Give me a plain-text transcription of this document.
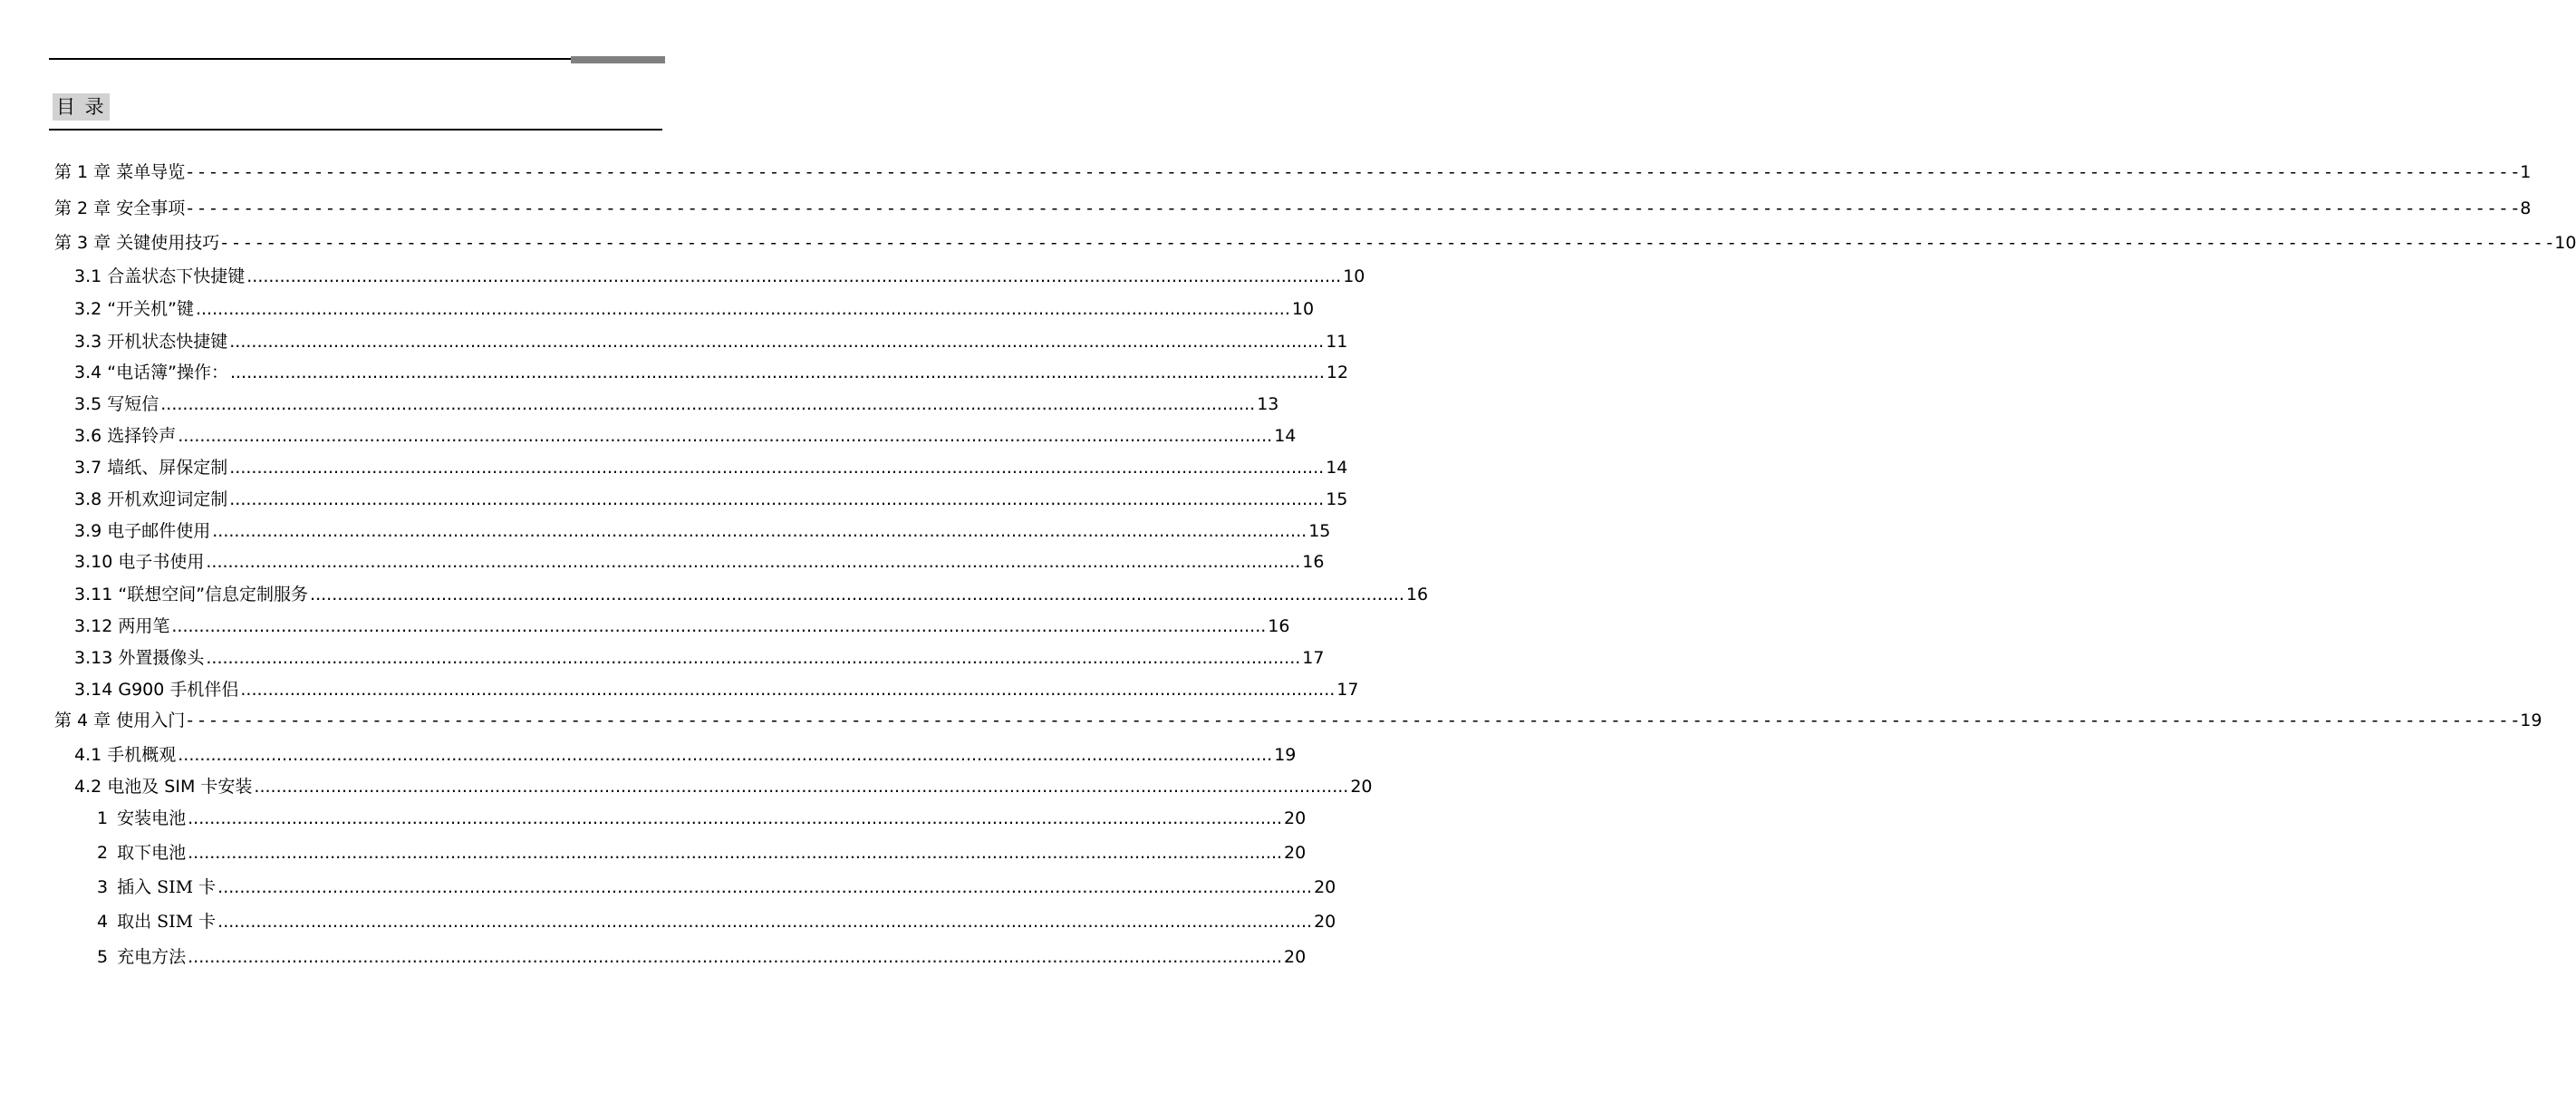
目 录
第 1 章 菜单导览 - - - - - - - - - - - - - - - - - - - - - - - - - - - - - - - - - - - - - - - - - - - - - - - - - - - - - - - - - - - - - - - - - - - - - - - - - - - - - - - - - - - - - - - - - - - - - - - - - - - - - - - - - - - - - - - - - - - - - - - - - - - - - - - - - - - - - - - - - - - - - - - - - - - - - - - - - - - - - - - - - - - - - - - - - - - - - - - - - - - - - - - - - - - - - - - - - - - - - - - - 1
第 2 章 安全事项 - - - - - - - - - - - - - - - - - - - - - - - - - - - - - - - - - - - - - - - - - - - - - - - - - - - - - - - - - - - - - - - - - - - - - - - - - - - - - - - - - - - - - - - - - - - - - - - - - - - - - - - - - - - - - - - - - - - - - - - - - - - - - - - - - - - - - - - - - - - - - - - - - - - - - - - - - - - - - - - - - - - - - - - - - - - - - - - - - - - - - - - - - - - - - - - - - - - - - - - - 8
第 3 章 关键使用技巧 - - - - - - - - - - - - - - - - - - - - - - - - - - - - - - - - - - - - - - - - - - - - - - - - - - - - - - - - - - - - - - - - - - - - - - - - - - - - - - - - - - - - - - - - - - - - - - - - - - - - - - - - - - - - - - - - - - - - - - - - - - - - - - - - - - - - - - - - - - - - - - - - - - - - - - - - - - - - - - - - - - - - - - - - - - - - - - - - - - - - - - - - - - - - - - - - - - - - - - - - 10
3.1 合盖状态下快捷键 ........................................................................................................................................................................................................ 10
3.2 “开关机”键 ........................................................................................................................................................................................................ 10
3.3 开机状态快捷键 ........................................................................................................................................................................................................ 11
3.4 “电话簿”操作： ........................................................................................................................................................................................................ 12
3.5 写短信 ........................................................................................................................................................................................................ 13
3.6 选择铃声 ........................................................................................................................................................................................................ 14
3.7 墙纸、屏保定制 ........................................................................................................................................................................................................ 14
3.8 开机欢迎词定制 ........................................................................................................................................................................................................ 15
3.9 电子邮件使用 ........................................................................................................................................................................................................ 15
3.10 电子书使用 ........................................................................................................................................................................................................ 16
3.11 “联想空间”信息定制服务 ........................................................................................................................................................................................................ 16
3.12 两用笔 ........................................................................................................................................................................................................ 16
3.13 外置摄像头 ........................................................................................................................................................................................................ 17
3.14 G900 手机伴侣 ........................................................................................................................................................................................................ 17
第 4 章 使用入门 - - - - - - - - - - - - - - - - - - - - - - - - - - - - - - - - - - - - - - - - - - - - - - - - - - - - - - - - - - - - - - - - - - - - - - - - - - - - - - - - - - - - - - - - - - - - - - - - - - - - - - - - - - - - - - - - - - - - - - - - - - - - - - - - - - - - - - - - - - - - - - - - - - - - - - - - - - - - - - - - - - - - - - - - - - - - - - - - - - - - - - - - - - - - - - - - - - - - - - - - 19
4.1 手机概观 ........................................................................................................................................................................................................ 19
4.2 电池及 SIM 卡安装 ........................................................................................................................................................................................................ 20
1 安装电池 ........................................................................................................................................................................................................ 20
2 取下电池 ........................................................................................................................................................................................................ 20
3 插入 SIM 卡 ........................................................................................................................................................................................................ 20
4 取出 SIM 卡 ........................................................................................................................................................................................................ 20
5 充电方法 ........................................................................................................................................................................................................ 20
